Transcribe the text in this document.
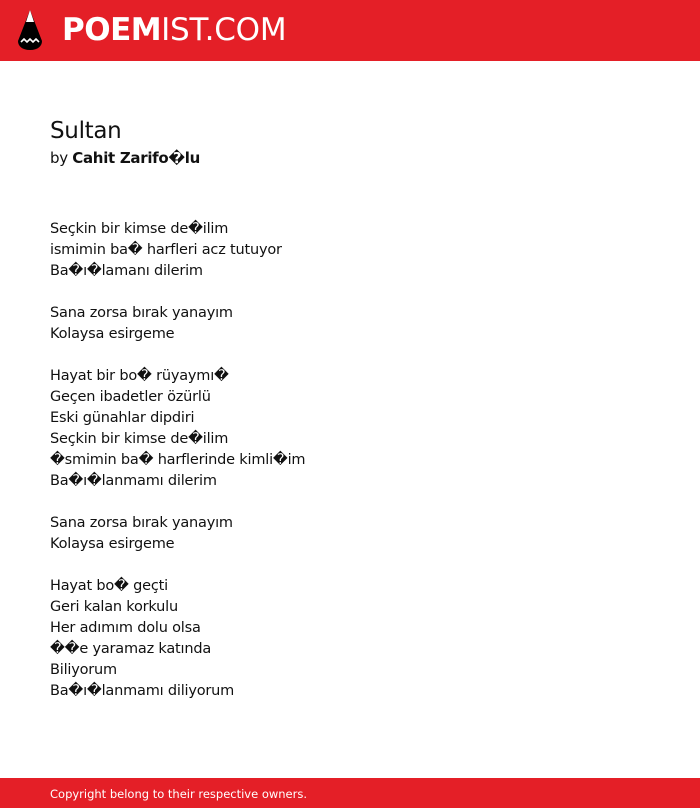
POEMIST.COM
Sultan
by Cahit Zarifo�lu
Seçkin bir kimse de�ilim
ismimin ba� harfleri acz tutuyor
Ba�ı�lamanı dilerim
Sana zorsa bırak yanayım
Kolaysa esirgeme
Hayat bir bo� rüyaymı�
Geçen ibadetler özürlü
Eski günahlar dipdiri
Seçkin bir kimse de�ilim
�smimin ba� harflerinde kimli�im
Ba�ı�lanmamı dilerim
Sana zorsa bırak yanayım
Kolaysa esirgeme
Hayat bo� geçti
Geri kalan korkulu
Her adımım dolu olsa
��e yaramaz katında
Biliyorum
Ba�ı�lanmamı diliyorum
Copyright belong to their respective owners.
